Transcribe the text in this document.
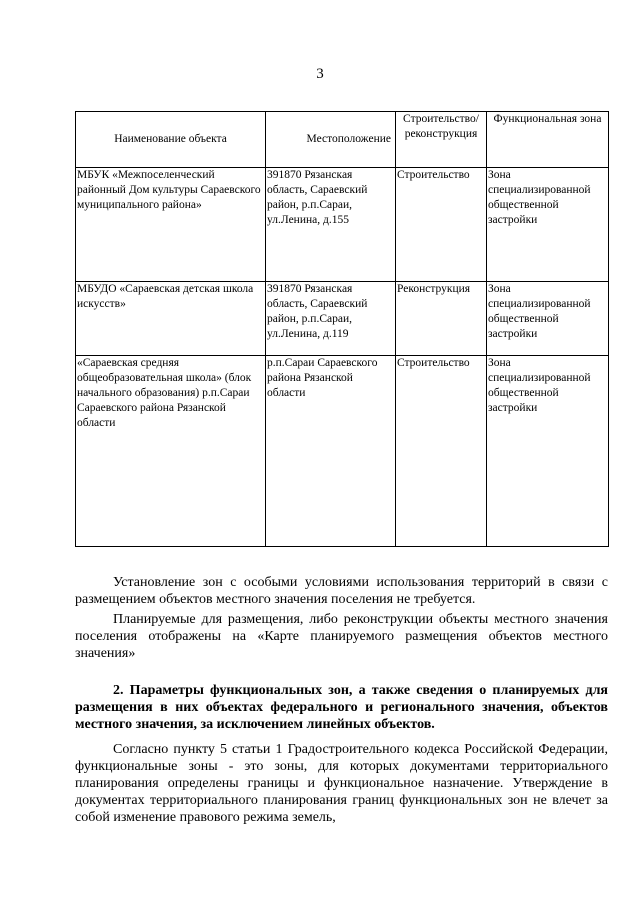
3
Наименование объекта	Местоположение	Строительство/ реконструкция	Функциональная зона
МБУК «Межпоселенческий районный Дом культуры Сараевского муниципального района»	391870 Рязанская область, Сараевский район, р.п.Сараи, ул.Ленина, д.155	Строительство	Зона специализированной общественной застройки
МБУДО «Сараевская детская школа искусств»	391870 Рязанская область, Сараевский район, р.п.Сараи, ул.Ленина, д.119	Реконструкция	Зона специализированной общественной застройки
«Сараевская средняя общеобразовательная школа» (блок начального образования) р.п.Сараи Сараевского района Рязанской области	р.п.Сараи Сараевского района Рязанской области	Строительство	Зона специализированной общественной застройки
Установление зон с особыми условиями использования территорий в связи с размещением объектов местного значения поселения не требуется.
Планируемые для размещения, либо реконструкции объекты местного значения поселения отображены на «Карте планируемого размещения объектов местного значения»
2. Параметры функциональных зон, а также сведения о планируемых для размещения в них объектах федерального и регионального значения, объектов местного значения, за исключением линейных объектов.
Согласно пункту 5 статьи 1 Градостроительного кодекса Российской Федерации, функциональные зоны - это зоны, для которых документами территориального планирования определены границы и функциональное назначение. Утверждение в документах территориального планирования границ функциональных зон не влечет за собой изменение правового режима земель,
